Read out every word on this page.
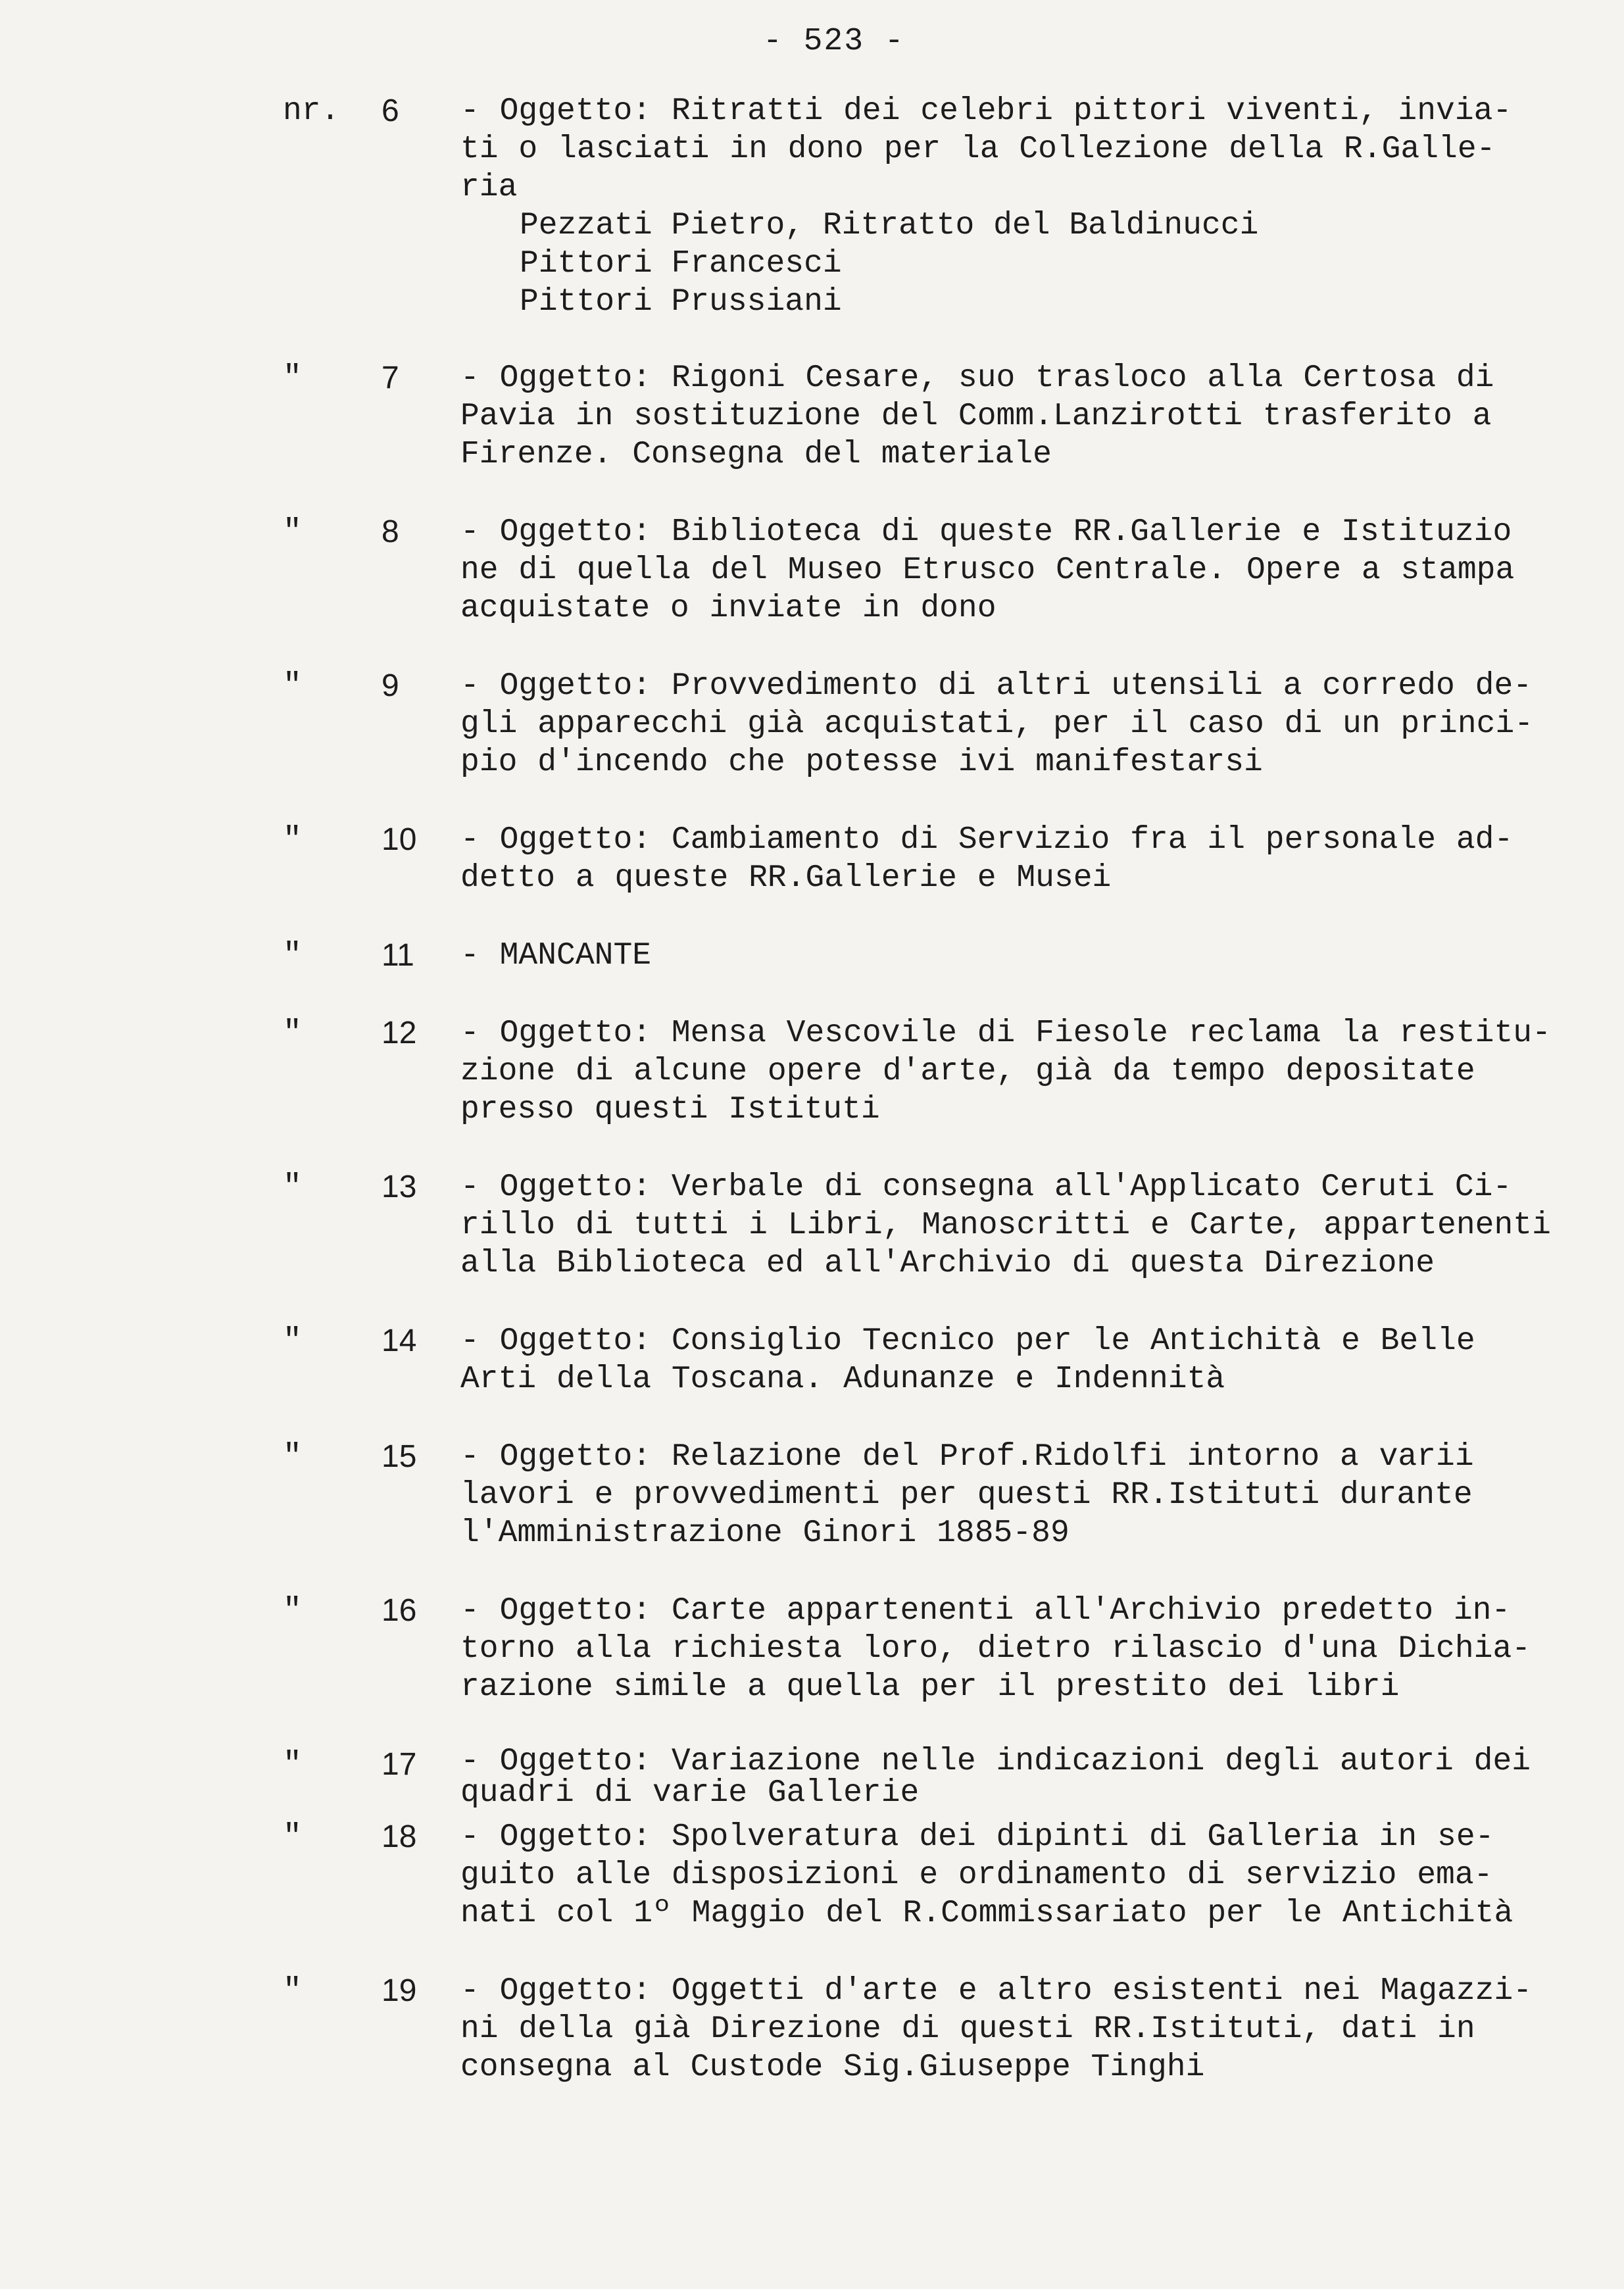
- 523 -
nr. 6 - Oggetto: Ritratti dei celebri pittori viventi, invia-
ti o lasciati in dono per la Collezione della R.Galle-
ria
Pezzati Pietro, Ritratto del Baldinucci
Pittori Francesci
Pittori Prussiani
"	7 - Oggetto: Rigoni Cesare, suo trasloco alla Certosa di
Pavia in sostituzione del Comm.Lanzirotti trasferito a
Firenze. Consegna del materiale
"	8 - Oggetto: Biblioteca di queste RR.Gallerie e Istituzio
ne di quella del Museo Etrusco Centrale. Opere a stampa
acquistate o inviate in dono
"	9 - Oggetto: Provvedimento di altri utensili a corredo de-
gli apparecchi già acquistati, per il caso di un princi-
pio d'incendo che potesse ivi manifestarsi
"	10 - Oggetto: Cambiamento di Servizio fra il personale ad-
detto a queste RR.Gallerie e Musei
"	11 - MANCANTE
"	12 - Oggetto: Mensa Vescovile di Fiesole reclama la restitu-
zione di alcune opere d'arte, già da tempo depositate
presso questi Istituti
"	13 - Oggetto: Verbale di consegna all'Applicato Ceruti Ci-
rillo di tutti i Libri, Manoscritti e Carte, appartenenti
alla Biblioteca ed all'Archivio di questa Direzione
"	14 - Oggetto: Consiglio Tecnico per le Antichità e Belle
Arti della Toscana. Adunanze e Indennità
"	15 - Oggetto: Relazione del Prof.Ridolfi intorno a varii
lavori e provvedimenti per questi RR.Istituti durante
l'Amministrazione Ginori 1885-89
"	16 - Oggetto: Carte appartenenti all'Archivio predetto in-
torno alla richiesta loro, dietro rilascio d'una Dichia-
razione simile a quella per il prestito dei libri
"	17 - Oggetto: Variazione nelle indicazioni degli autori dei
quadri di varie Gallerie
"	18 - Oggetto: Spolveratura dei dipinti di Galleria in se-
guito alle disposizioni e ordinamento di servizio ema-
nati col 1º Maggio del R.Commissariato per le Antichità
"	19 - Oggetto: Oggetti d'arte e altro esistenti nei Magazzi-
ni della già Direzione di questi RR.Istituti, dati in
consegna al Custode Sig.Giuseppe Tinghi
